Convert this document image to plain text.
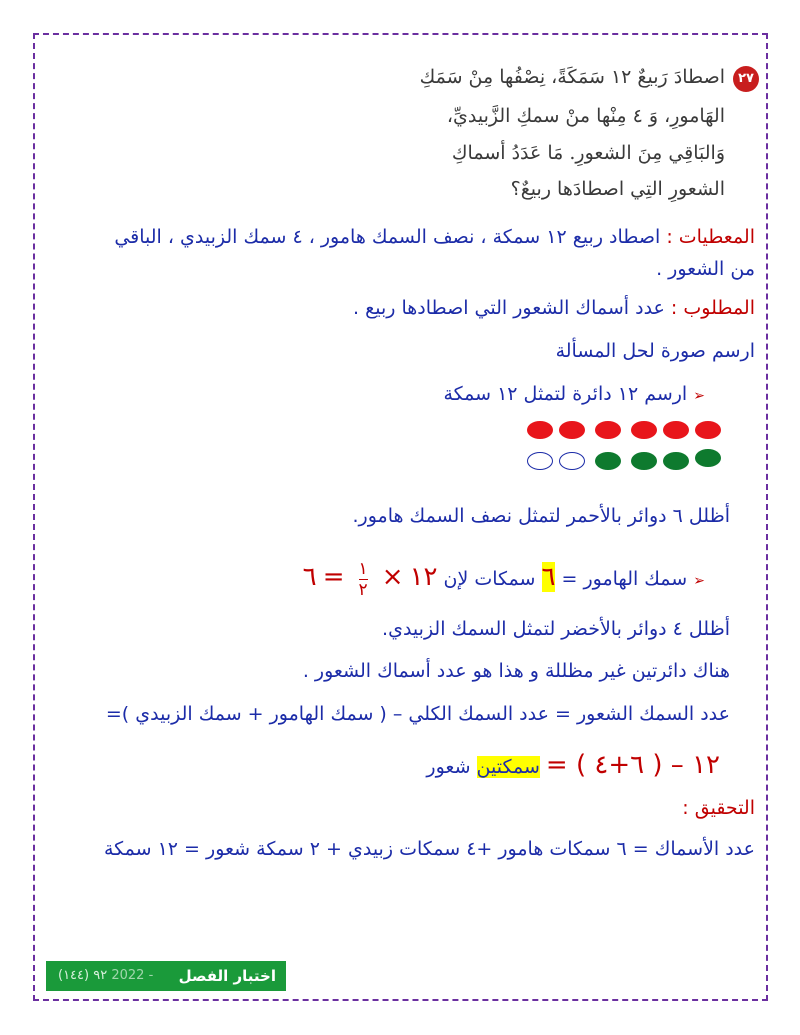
٢٧
اصطادَ رَبيعٌ ١٢ سَمَكَةً، نِصْفُها مِنْ سَمَكِ
الهَامورِ، وَ ٤ مِنْها منْ سمكِ الزَّبيديِّ،
وَالبَاقِي مِنَ الشعورِ. مَا عَدَدُ أسماكِ
الشعورِ التِي اصطادَها ربيعٌ؟
المعطيات : اصطاد ربيع ١٢ سمكة ، نصف السمك هامور ، ٤ سمك الزبيدي ، الباقي
من الشعور .
المطلوب : عدد أسماك الشعور التي اصطادها ربيع .
ارسم صورة لحل المسألة
➢ ارسم ١٢ دائرة لتمثل ١٢ سمكة
أظلل ٦ دوائر بالأحمر لتمثل نصف السمك هامور.
➢ سمك الهامور = ٦ سمكات لإن ١٢ ×
١
٢
= ٦
أظلل ٤ دوائر بالأخضر لتمثل السمك الزبيدي.
هناك دائرتين غير مظللة و هذا هو عدد أسماك الشعور .
عدد السمك الشعور = عدد السمك الكلي – ( سمك الهامور + سمك الزبيدي )=
١٢ – ( ٦+٤ ) = سمكتين شعور
التحقيق :
عدد الأسماك = ٦ سمكات هامور +٤ سمكات زبيدي + ٢ سمكة شعور = ١٢ سمكة
اختبار الفصل
(١٤٤) ٩٢ 2022 -
